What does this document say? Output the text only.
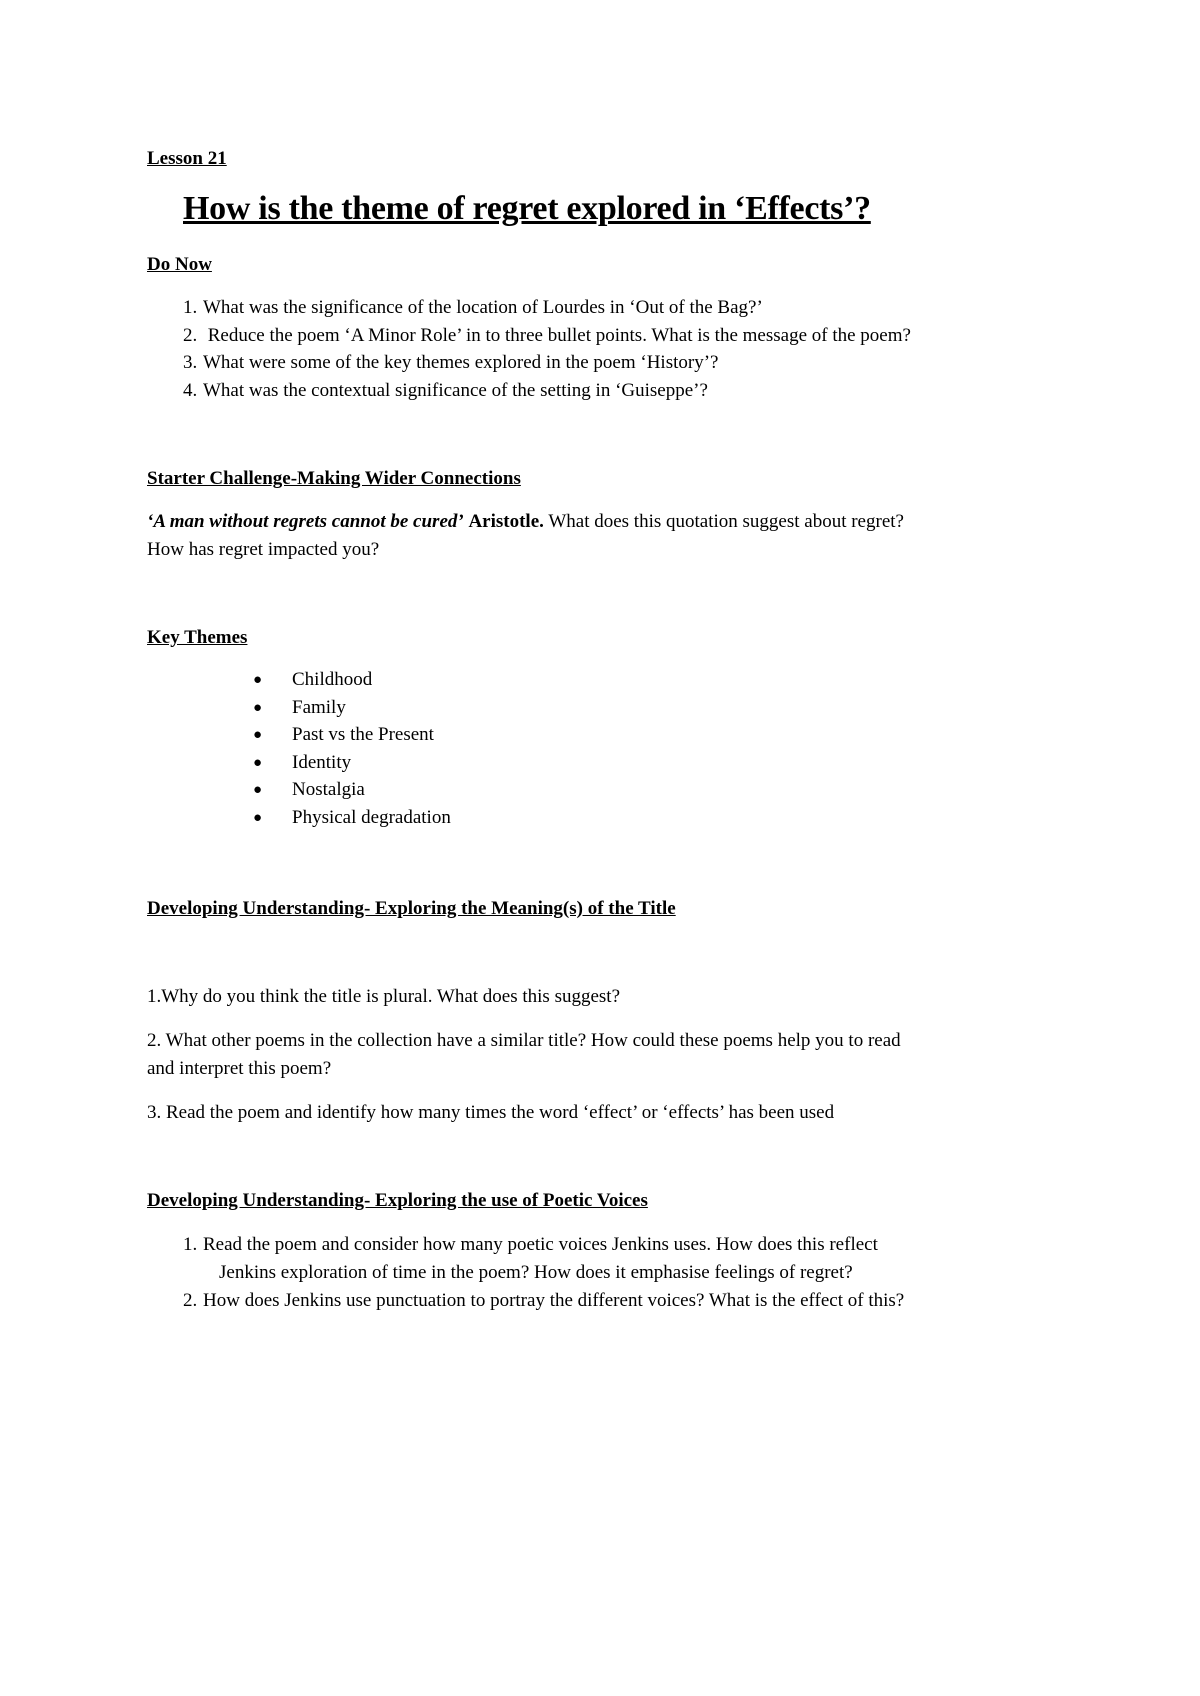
Lesson 21
How is the theme of regret explored in ‘Effects’?
Do Now
1. What was the significance of the location of Lourdes in ‘Out of the Bag?’
2. Reduce the poem ‘A Minor Role’ in to three bullet points. What is the message of the poem?
3. What were some of the key themes explored in the poem ‘History’?
4. What was the contextual significance of the setting in ‘Guiseppe’?
Starter Challenge-Making Wider Connections
‘A man without regrets cannot be cured’ Aristotle. What does this quotation suggest about regret?
How has regret impacted you?
Key Themes
● Childhood
● Family
● Past vs the Present
● Identity
● Nostalgia
● Physical degradation
Developing Understanding- Exploring the Meaning(s) of the Title
1.Why do you think the title is plural. What does this suggest?
2. What other poems in the collection have a similar title? How could these poems help you to read
and interpret this poem?
3. Read the poem and identify how many times the word ‘effect’ or ‘effects’ has been used
Developing Understanding- Exploring the use of Poetic Voices
1. Read the poem and consider how many poetic voices Jenkins uses. How does this reflect
Jenkins exploration of time in the poem? How does it emphasise feelings of regret?
2. How does Jenkins use punctuation to portray the different voices? What is the effect of this?
